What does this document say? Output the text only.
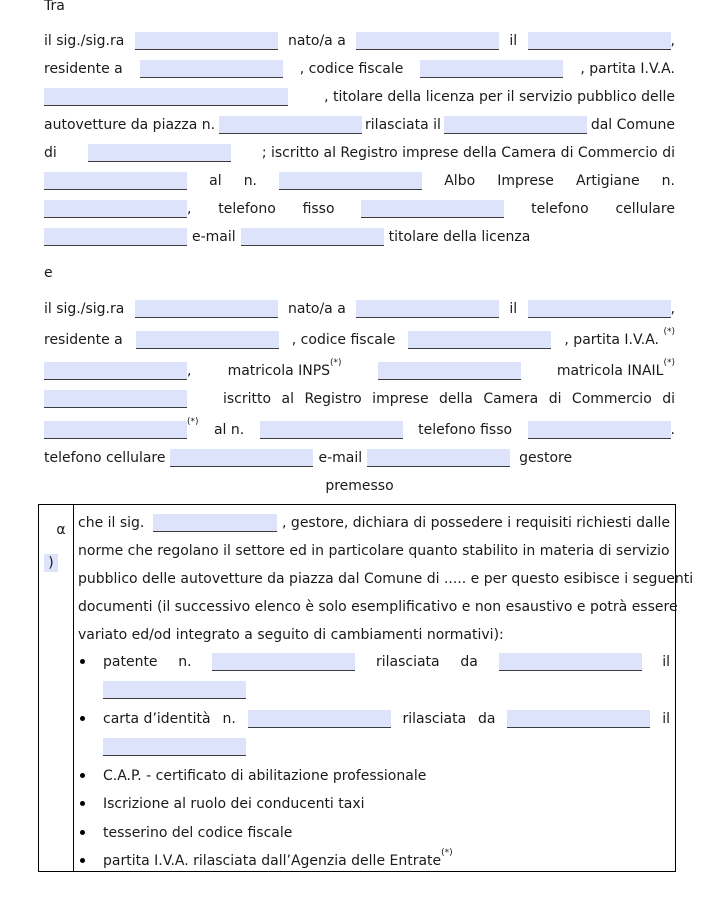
Tra
il sig./sig.ra	nato/a a	il	,
residente a	, codice fiscale	, partita I.V.A.
, titolare della licenza per il servizio pubblico delle
autovetture da piazza n.	rilasciata il	dal Comune
di	; iscritto al Registro imprese della Camera di Commercio di
al n.	Albo Imprese Artigiane n.
, telefono fisso	telefono cellulare
e-mail	titolare della licenza
e
il sig./sig.ra	nato/a a	il	,
residente a	, codice fiscale	, partita I.V.A. (*)
,	matricola INPS(*)	matricola INAIL(*)
iscritto al Registro imprese della Camera di Commercio di
(*) al n.	telefono fisso	.
telefono cellulare	e-mail	gestore
premesso
α
)
che il sig.	, gestore, dichiara di possedere i requisiti richiesti dalle
norme che regolano il settore ed in particolare quanto stabilito in materia di servizio
pubblico delle autovetture da piazza dal Comune di ..... e per questo esibisce i seguenti
documenti (il successivo elenco è solo esemplificativo e non esaustivo e potrà essere
variato ed/od integrato a seguito di cambiamenti normativi):
patente n.	rilasciata da	il
carta d’identità n.	rilasciata da	il
C.A.P. - certificato di abilitazione professionale
Iscrizione al ruolo dei conducenti taxi
tesserino del codice fiscale
partita I.V.A. rilasciata dall’Agenzia delle Entrate(*)
